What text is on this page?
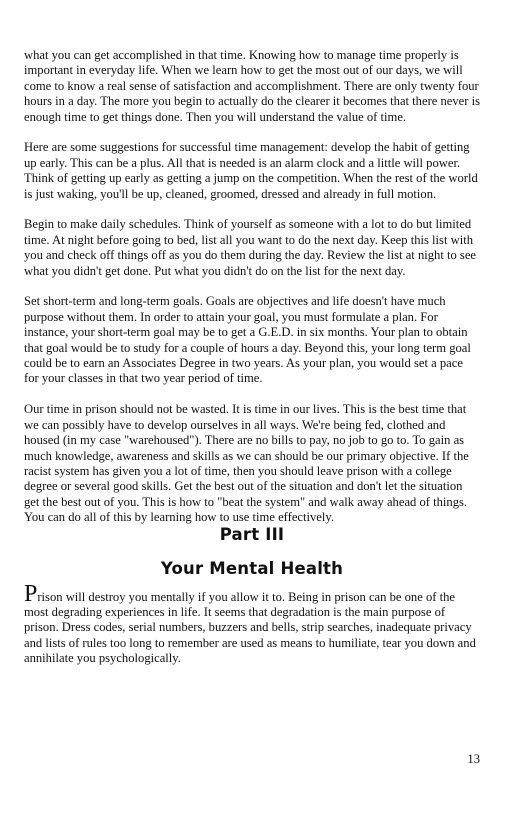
what you can get accomplished in that time. Knowing how to manage time properly is important in everyday life. When we learn how to get the most out of our days, we will come to know a real sense of satisfaction and accomplishment. There are only twenty four hours in a day. The more you begin to actually do the clearer it becomes that there never is enough time to get things done. Then you will understand the value of time.

Here are some suggestions for successful time management: develop the habit of getting up early. This can be a plus. All that is needed is an alarm clock and a little will power. Think of getting up early as getting a jump on the competition. When the rest of the world is just waking, you'll be up, cleaned, groomed, dressed and already in full motion.

Begin to make daily schedules. Think of yourself as someone with a lot to do but limited time. At night before going to bed, list all you want to do the next day. Keep this list with you and check off things off as you do them during the day. Review the list at night to see what you didn't get done. Put what you didn't do on the list for the next day.

Set short-term and long-term goals. Goals are objectives and life doesn't have much purpose without them. In order to attain your goal, you must formulate a plan. For instance, your short-term goal may be to get a G.E.D. in six months. Your plan to obtain that goal would be to study for a couple of hours a day. Beyond this, your long term goal could be to earn an Associates Degree in two years. As your plan, you would set a pace for your classes in that two year period of time.

Our time in prison should not be wasted. It is time in our lives. This is the best time that we can possibly have to develop ourselves in all ways. We're being fed, clothed and housed (in my case "warehoused"). There are no bills to pay, no job to go to. To gain as much knowledge, awareness and skills as we can should be our primary objective. If the racist system has given you a lot of time, then you should leave prison with a college degree or several good skills. Get the best out of the situation and don't let the situation get the best out of you. This is how to "beat the system" and walk away ahead of things. You can do all of this by learning how to use time effectively.

Part III
Your Mental Health

Prison will destroy you mentally if you allow it to. Being in prison can be one of the most degrading experiences in life. It seems that degradation is the main purpose of prison. Dress codes, serial numbers, buzzers and bells, strip searches, inadequate privacy and lists of rules too long to remember are used as means to humiliate, tear you down and annihilate you psychologically.

13
